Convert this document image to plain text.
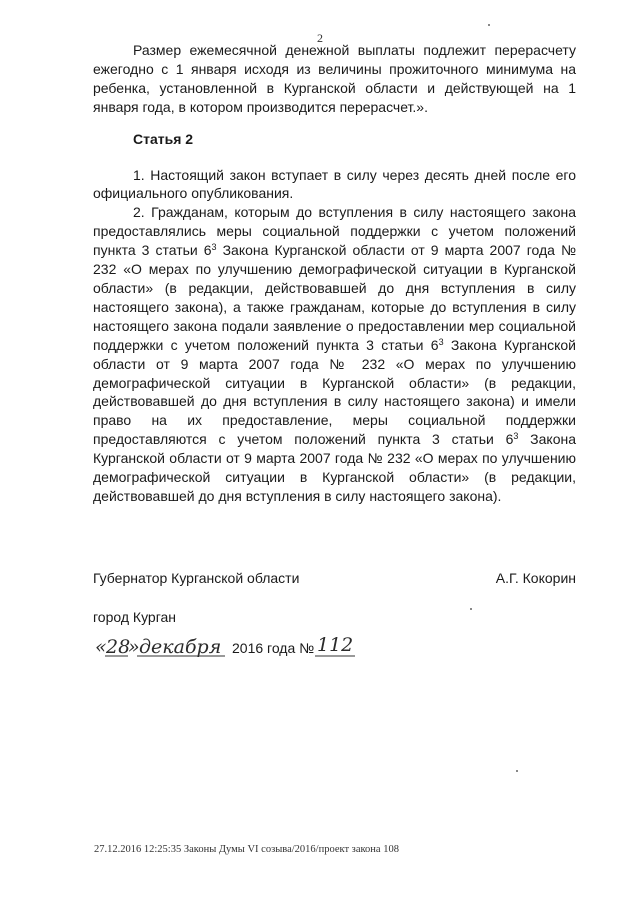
2

Размер ежемесячной денежной выплаты подлежит перерасчету ежегодно с 1 января исходя из величины прожиточного минимума на ребенка, установленной в Курганской области и действующей на 1 января года, в котором производится перерасчет.».

Статья 2

1. Настоящий закон вступает в силу через десять дней после его официального опубликования.

2. Гражданам, которым до вступления в силу настоящего закона предоставлялись меры социальной поддержки с учетом положений пункта 3 статьи $6^3$ Закона Курганской области от 9 марта 2007 года № 232 «О мерах по улучшению демографической ситуации в Курганской области» (в редакции, действовавшей до дня вступления в силу настоящего закона), а также гражданам, которые до вступления в силу настоящего закона подали заявление о предоставлении мер социальной поддержки с учетом положений пункта 3 статьи $6^3$ Закона Курганской области от 9 марта 2007 года № 232 «О мерах по улучшению демографической ситуации в Курганской области» (в редакции, действовавшей до дня вступления в силу настоящего закона) и имели право на их предоставление, меры социальной поддержки предоставляются с учетом положений пункта 3 статьи $6^3$ Закона Курганской области от 9 марта 2007 года № 232 «О мерах по улучшению демографической ситуации в Курганской области» (в редакции, действовавшей до дня вступления в силу настоящего закона).

Губернатор Курганской области	А.Г. Кокорин
город Курган
« 28
» декабря 2016 года № 112
27.12.2016 12:25:35 Законы Думы VI созыва/2016/проект закона 108
